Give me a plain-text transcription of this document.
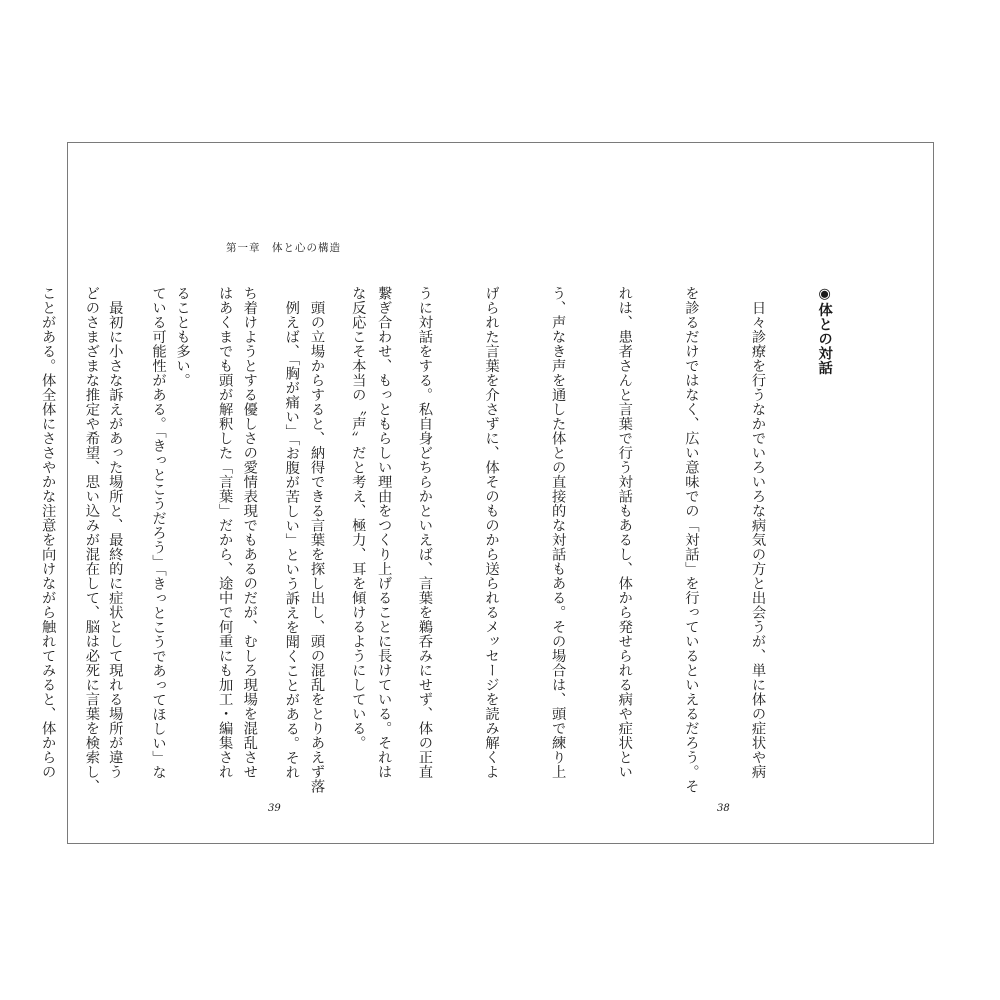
第一章　体と心の構造

繋ぎ合わせ、もっともらしい理由をつくり上げることに長けている。それは

　頭の立場からすると、納得できる言葉を探し出し、頭の混乱をとりあえず落

ち着けようとする優しさの愛情表現でもあるのだが、むしろ現場を混乱させ

ることも多い。

　最初に小さな訴えがあった場所と、最終的に症状として現れる場所が違う

ことがある。体全体にささやかな注意を向けながら触れてみると、体からの

	◉体との対話

　日々診療を行うなかでいろいろな病気の方と出会うが、単に体の症状や病

を診るだけではなく、広い意味での「対話」を行っているといえるだろう。そ

れは、患者さんと言葉で行う対話もあるし、体から発せられる病や症状とい

う、声なき声を通した体との直接的な対話もある。その場合は、頭で練り上

げられた言葉を介さずに、体そのものから送られるメッセージを読み解くよ

うに対話をする。私自身どちらかといえば、言葉を鵜呑みにせず、体の正直

な反応こそ本当の〝声〟だと考え、極力、耳を傾けるようにしている。

　例えば、「胸が痛い」「お腹が苦しい」という訴えを聞くことがある。それ

はあくまでも頭が解釈した「言葉」だから、途中で何重にも加工・編集され

ている可能性がある。「きっとこうだろう」「きっとこうであってほしい」な

どのさまざまな推定や希望、思い込みが混在して、脳は必死に言葉を検索し、

39	38
